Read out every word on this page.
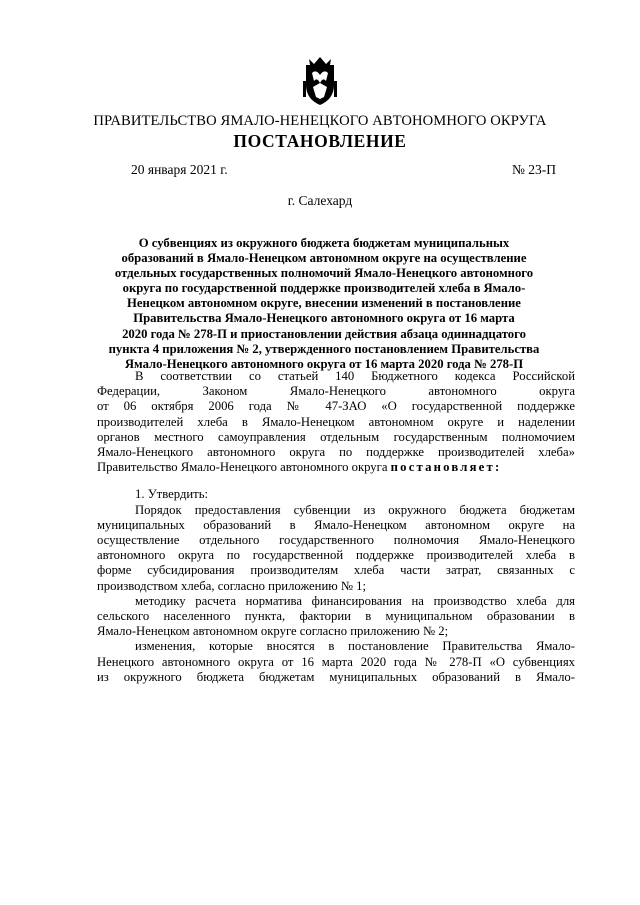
ПРАВИТЕЛЬСТВО ЯМАЛО-НЕНЕЦКОГО АВТОНОМНОГО ОКРУГА
ПОСТАНОВЛЕНИЕ
20 января 2021 г.	№ 23-П
г. Салехард
О субвенциях из окружного бюджета бюджетам муниципальных
образований в Ямало-Ненецком автономном округе на осуществление
отдельных государственных полномочий Ямало-Ненецкого автономного
округа по государственной поддержке производителей хлеба в Ямало-
Ненецком автономном округе, внесении изменений в постановление
Правительства Ямало-Ненецкого автономного округа от 16 марта
2020 года № 278-П и приостановлении действия абзаца одиннадцатого
пункта 4 приложения № 2, утвержденного постановлением Правительства
Ямало-Ненецкого автономного округа от 16 марта 2020 года № 278-П
В соответствии со статьей 140 Бюджетного кодекса Российской
Федерации, Законом Ямало-Ненецкого автономного округа
от 06 октября 2006 года № 47-ЗАО «О государственной поддержке
производителей хлеба в Ямало-Ненецком автономном округе и наделении
органов местного самоуправления отдельным государственным полномочием
Ямало-Ненецкого автономного округа по поддержке производителей хлеба»
Правительство Ямало-Ненецкого автономного округа постановляет:
1. Утвердить:
Порядок предоставления субвенции из окружного бюджета бюджетам
муниципальных образований в Ямало-Ненецком автономном округе на
осуществление отдельного государственного полномочия Ямало-Ненецкого
автономного округа по государственной поддержке производителей хлеба в
форме субсидирования производителям хлеба части затрат, связанных с
производством хлеба, согласно приложению № 1;
методику расчета норматива финансирования на производство хлеба для
сельского населенного пункта, фактории в муниципальном образовании в
Ямало-Ненецком автономном округе согласно приложению № 2;
изменения, которые вносятся в постановление Правительства Ямало-
Ненецкого автономного округа от 16 марта 2020 года № 278-П «О субвенциях
из окружного бюджета бюджетам муниципальных образований в Ямало-
